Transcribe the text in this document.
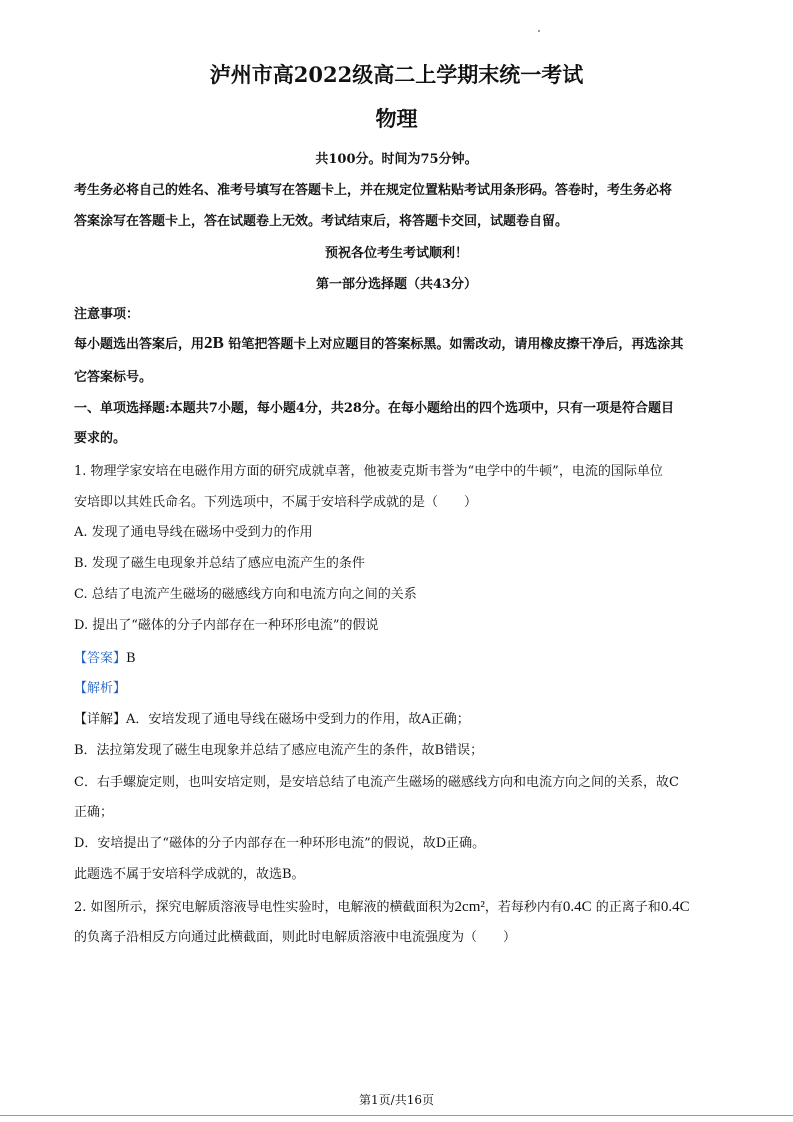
泸州市高2022级高二上学期末统一考试
物理
共100分。时间为75分钟。
考生务必将自己的姓名、准考号填写在答题卡上，并在规定位置粘贴考试用条形码。答卷时，考生务必将
答案涂写在答题卡上，答在试题卷上无效。考试结束后，将答题卡交回，试题卷自留。
预祝各位考生考试顺利！
第一部分选择题（共43分）
注意事项：
每小题选出答案后，用2B 铅笔把答题卡上对应题目的答案标黑。如需改动，请用橡皮擦干净后，再选涂其
它答案标号。
一、单项选择题:本题共7小题，每小题4分，共28分。在每小题给出的四个选项中，只有一项是符合题目
要求的。
1. 物理学家安培在电磁作用方面的研究成就卓著，他被麦克斯韦誉为“电学中的牛顿”，电流的国际单位
安培即以其姓氏命名。下列选项中，不属于安培科学成就的是（　　）
A. 发现了通电导线在磁场中受到力的作用
B. 发现了磁生电现象并总结了感应电流产生的条件
C. 总结了电流产生磁场的磁感线方向和电流方向之间的关系
D. 提出了“磁体的分子内部存在一种环形电流”的假说
【答案】B
【解析】
【详解】A．安培发现了通电导线在磁场中受到力的作用，故A正确；
B．法拉第发现了磁生电现象并总结了感应电流产生的条件，故B错误；
C．右手螺旋定则，也叫安培定则，是安培总结了电流产生磁场的磁感线方向和电流方向之间的关系，故C
正确；
D．安培提出了“磁体的分子内部存在一种环形电流”的假说，故D正确。
此题选不属于安培科学成就的，故选B。
2. 如图所示，探究电解质溶液导电性实验时，电解液的横截面积为2cm²，若每秒内有0.4C 的正离子和0.4C
的负离子沿相反方向通过此横截面，则此时电解质溶液中电流强度为（　　）
第1页/共16页
